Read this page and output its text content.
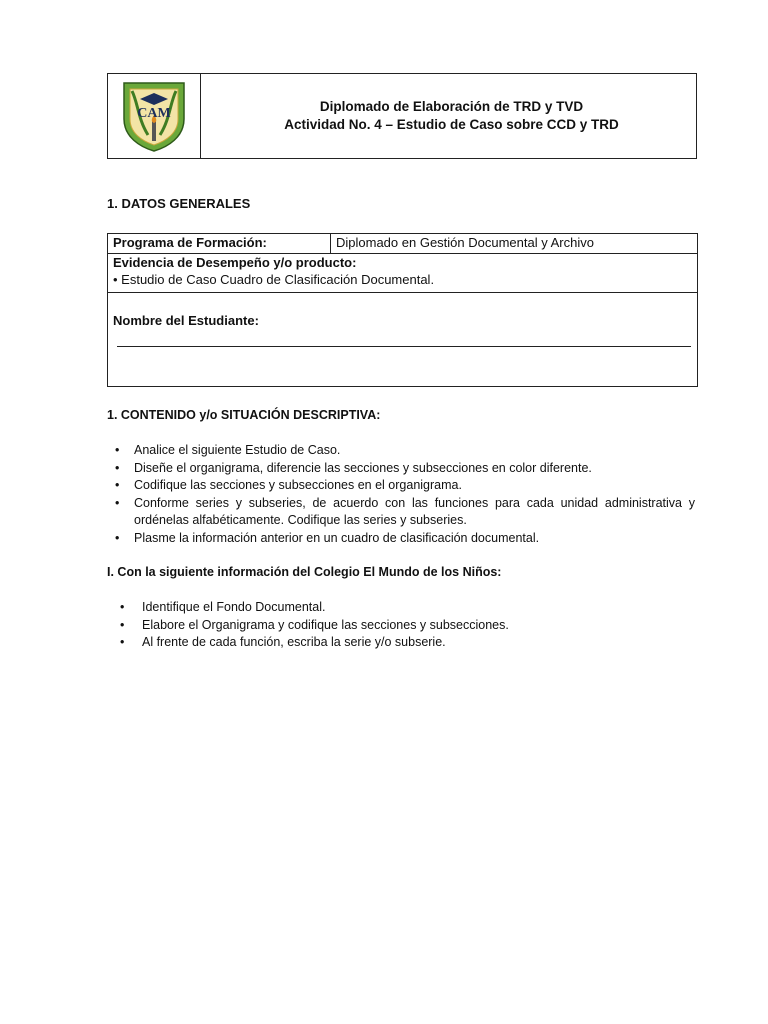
CAM	Diplomado de Elaboración de TRD y TVD
Actividad No. 4 – Estudio de Caso sobre CCD y TRD
1. DATOS GENERALES
Programa de Formación:	Diplomado en Gestión Documental y Archivo

Evidencia de Desempeño y/o producto:
• Estudio de Caso Cuadro de Clasificación Documental.

Nombre del Estudiante:
1. CONTENIDO y/o SITUACIÓN DESCRIPTIVA:
• Analice el siguiente Estudio de Caso.
• Diseñe el organigrama, diferencie las secciones y subsecciones en color diferente.
• Codifique las secciones y subsecciones en el organigrama.
• Conforme series y subseries, de acuerdo con las funciones para cada unidad administrativa y ordénelas alfabéticamente. Codifique las series y subseries.
• Plasme la información anterior en un cuadro de clasificación documental.
I. Con la siguiente información del Colegio El Mundo de los Niños:
• Identifique el Fondo Documental.
• Elabore el Organigrama y codifique las secciones y subsecciones.
• Al frente de cada función, escriba la serie y/o subserie.
